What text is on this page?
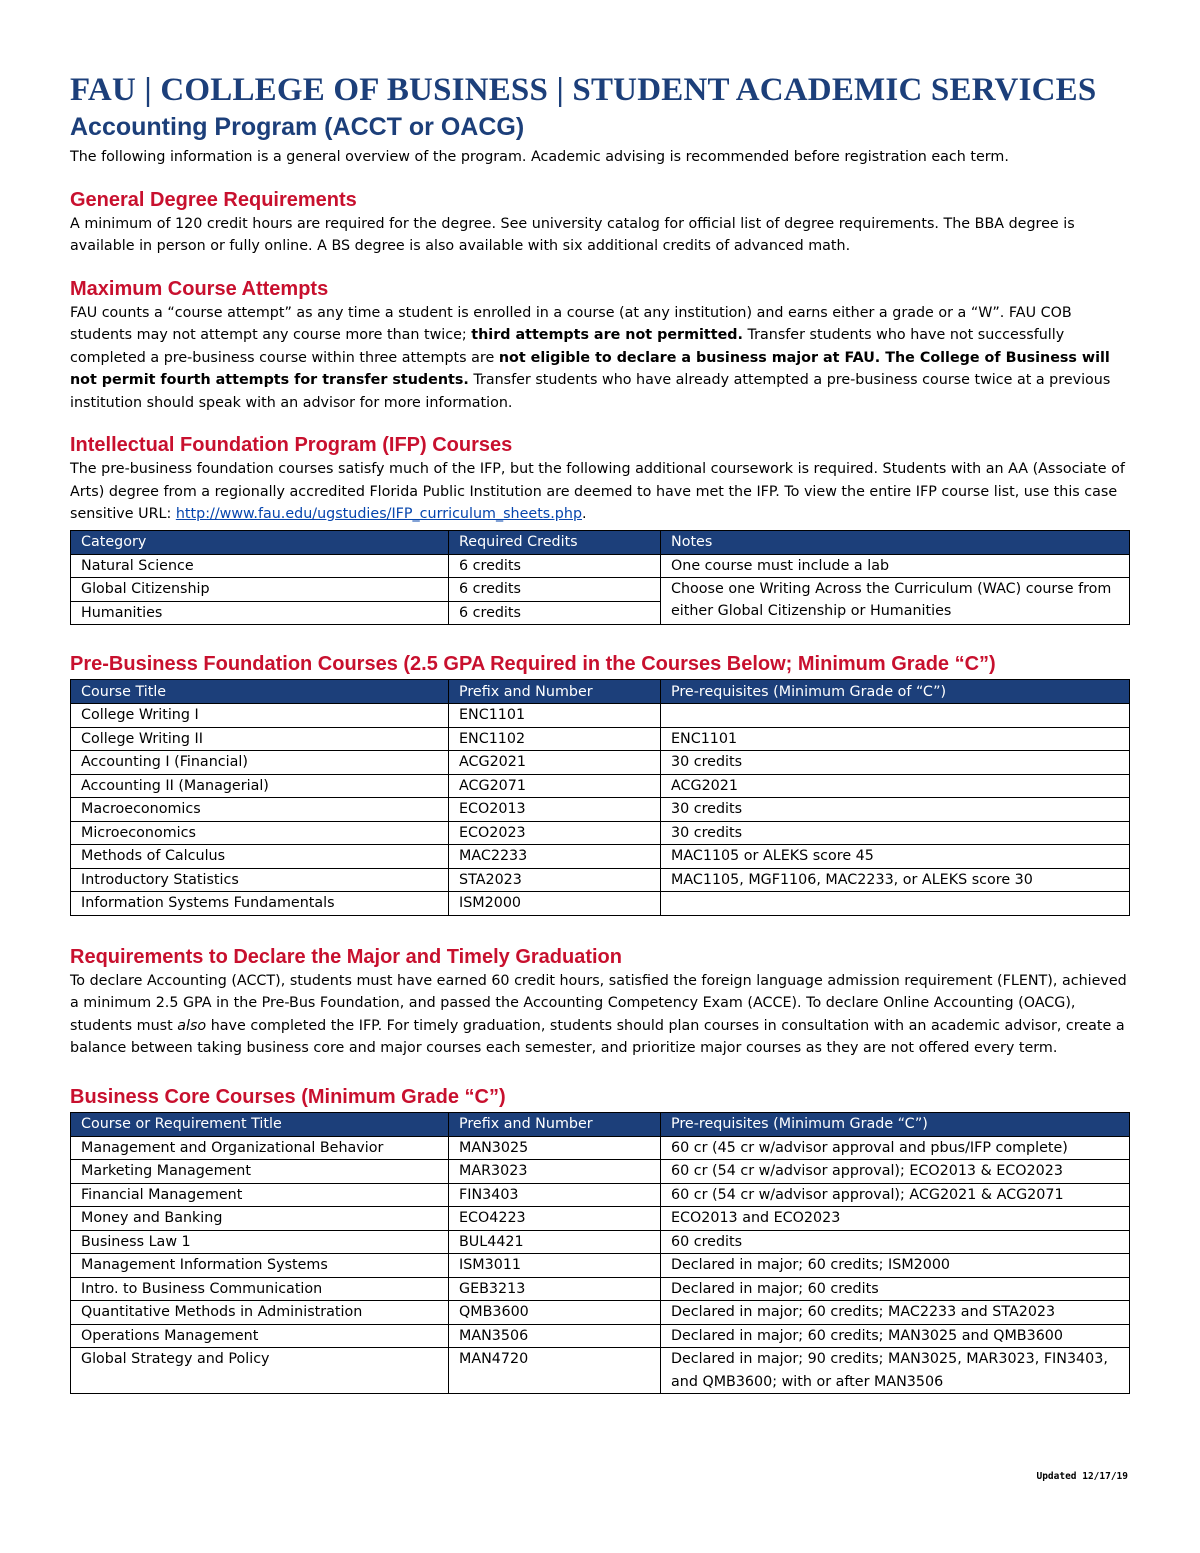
FAU | COLLEGE OF BUSINESS | STUDENT ACADEMIC SERVICES
Accounting Program (ACCT or OACG)

The following information is a general overview of the program. Academic advising is recommended before registration each term.

General Degree Requirements

A minimum of 120 credit hours are required for the degree. See university catalog for official list of degree requirements. The BBA degree is available in person or fully online. A BS degree is also available with six additional credits of advanced math.

Maximum Course Attempts

FAU counts a “course attempt” as any time a student is enrolled in a course (at any institution) and earns either a grade or a “W”. FAU COB students may not attempt any course more than twice; third attempts are not permitted. Transfer students who have not successfully completed a pre-business course within three attempts are not eligible to declare a business major at FAU. The College of Business will not permit fourth attempts for transfer students. Transfer students who have already attempted a pre-business course twice at a previous institution should speak with an advisor for more information.

Intellectual Foundation Program (IFP) Courses

The pre-business foundation courses satisfy much of the IFP, but the following additional coursework is required. Students with an AA (Associate of Arts) degree from a regionally accredited Florida Public Institution are deemed to have met the IFP. To view the entire IFP course list, use this case sensitive URL: http://www.fau.edu/ugstudies/IFP_curriculum_sheets.php.

Category	Required Credits	Notes
Natural Science	6 credits	One course must include a lab
Global Citizenship	6 credits	Choose one Writing Across the Curriculum (WAC) course from either Global Citizenship or Humanities
Humanities	6 credits	
Pre-Business Foundation Courses (2.5 GPA Required in the Courses Below; Minimum Grade “C”)
Course Title	Prefix and Number	Pre-requisites (Minimum Grade of “C”)
College Writing I	ENC1101	
College Writing II	ENC1102	ENC1101
Accounting I (Financial)	ACG2021	30 credits
Accounting II (Managerial)	ACG2071	ACG2021
Macroeconomics	ECO2013	30 credits
Microeconomics	ECO2023	30 credits
Methods of Calculus	MAC2233	MAC1105 or ALEKS score 45
Introductory Statistics	STA2023	MAC1105, MGF1106, MAC2233, or ALEKS score 30
Information Systems Fundamentals	ISM2000	
Requirements to Declare the Major and Timely Graduation

To declare Accounting (ACCT), students must have earned 60 credit hours, satisfied the foreign language admission requirement (FLENT), achieved a minimum 2.5 GPA in the Pre-Bus Foundation, and passed the Accounting Competency Exam (ACCE). To declare Online Accounting (OACG), students must also have completed the IFP. For timely graduation, students should plan courses in consultation with an academic advisor, create a balance between taking business core and major courses each semester, and prioritize major courses as they are not offered every term.

Business Core Courses (Minimum Grade “C”)
Course or Requirement Title	Prefix and Number	Pre-requisites (Minimum Grade “C”)
Management and Organizational Behavior	MAN3025	60 cr (45 cr w/advisor approval and pbus/IFP complete)
Marketing Management	MAR3023	60 cr (54 cr w/advisor approval); ECO2013 & ECO2023
Financial Management	FIN3403	60 cr (54 cr w/advisor approval); ACG2021 & ACG2071
Money and Banking	ECO4223	ECO2013 and ECO2023
Business Law 1	BUL4421	60 credits
Management Information Systems	ISM3011	Declared in major; 60 credits; ISM2000
Intro. to Business Communication	GEB3213	Declared in major; 60 credits
Quantitative Methods in Administration	QMB3600	Declared in major; 60 credits; MAC2233 and STA2023
Operations Management	MAN3506	Declared in major; 60 credits; MAN3025 and QMB3600
Global Strategy and Policy	MAN4720	Declared in major; 90 credits; MAN3025, MAR3023, FIN3403, and QMB3600; with or after MAN3506
Updated 12/17/19
